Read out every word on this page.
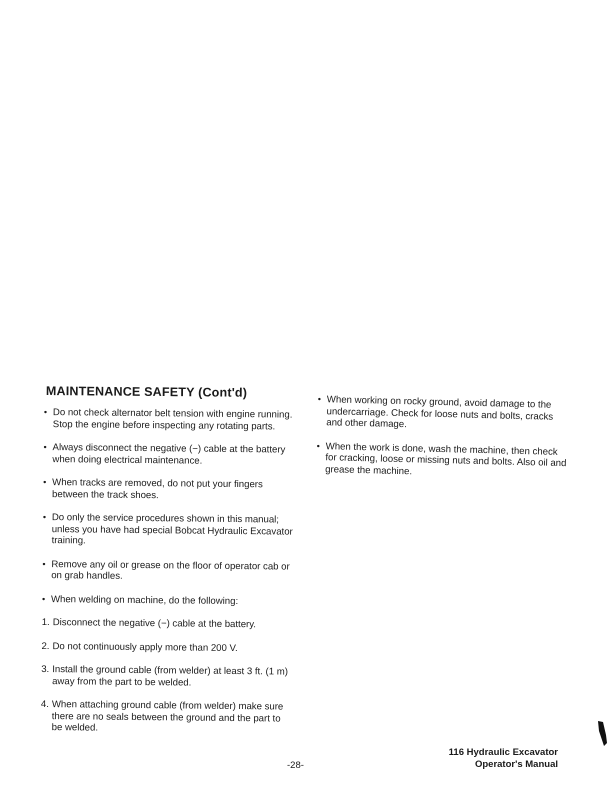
MAINTENANCE SAFETY (Cont'd)
• Do not check alternator belt tension with engine running. Stop the engine before inspecting any rotating parts.
• Always disconnect the negative (−) cable at the battery when doing electrical maintenance.
• When tracks are removed, do not put your fingers between the track shoes.
• Do only the service procedures shown in this manual; unless you have had special Bobcat Hydraulic Excavator training.
• Remove any oil or grease on the floor of operator cab or on grab handles.
• When welding on machine, do the following:
1. Disconnect the negative (−) cable at the battery.
2. Do not continuously apply more than 200 V.
3. Install the ground cable (from welder) at least 3 ft. (1 m) away from the part to be welded.
4. When attaching ground cable (from welder) make sure there are no seals between the ground and the part to be welded.
• When working on rocky ground, avoid damage to the undercarriage. Check for loose nuts and bolts, cracks and other damage.
• When the work is done, wash the machine, then check for cracking, loose or missing nuts and bolts. Also oil and grease the machine.
-28-
116 Hydraulic Excavator
Operator's Manual
